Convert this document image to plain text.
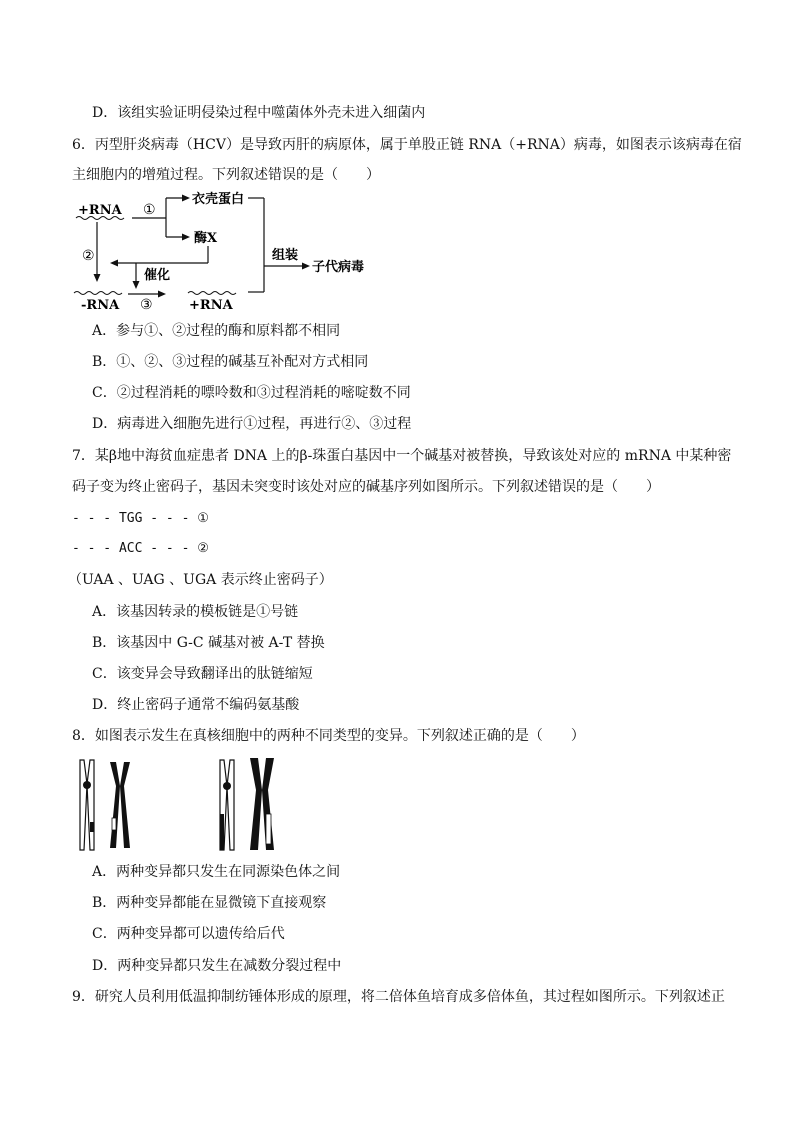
D．该组实验证明侵染过程中噬菌体外壳未进入细菌内
6．丙型肝炎病毒（HCV）是导致丙肝的病原体，属于单股正链 RNA（+RNA）病毒，如图表示该病毒在宿
主细胞内的增殖过程。下列叙述错误的是（　　）
+RNA ①
衣壳蛋白
酶X
②
催化
-RNA ③	+RNA
组装
子代病毒
A．参与①、②过程的酶和原料都不相同
B．①、②、③过程的碱基互补配对方式相同
C．②过程消耗的嘌呤数和③过程消耗的嘧啶数不同
D．病毒进入细胞先进行①过程，再进行②、③过程
7．某β地中海贫血症患者 DNA 上的β-珠蛋白基因中一个碱基对被替换，导致该处对应的 mRNA 中某种密
码子变为终止密码子，基因未突变时该处对应的碱基序列如图所示。下列叙述错误的是（　　）
- - - TGG - - - ①
- - - ACC - - - ②
（UAA 、UAG 、UGA 表示终止密码子）
A．该基因转录的模板链是①号链
B．该基因中 G-C 碱基对被 A-T 替换
C．该变异会导致翻译出的肽链缩短
D．终止密码子通常不编码氨基酸
8．如图表示发生在真核细胞中的两种不同类型的变异。下列叙述正确的是（　　）
A．两种变异都只发生在同源染色体之间
B．两种变异都能在显微镜下直接观察
C．两种变异都可以遗传给后代
D．两种变异都只发生在减数分裂过程中
9．研究人员利用低温抑制纺锤体形成的原理，将二倍体鱼培育成多倍体鱼，其过程如图所示。下列叙述正
